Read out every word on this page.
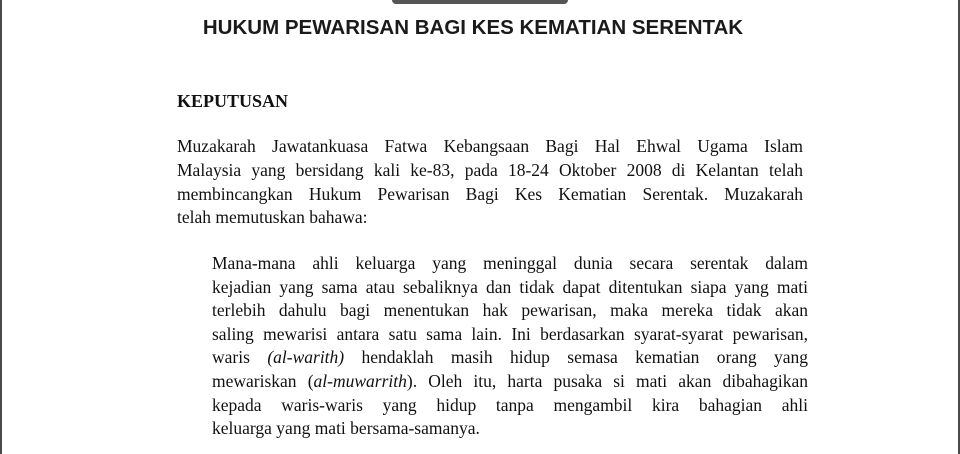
HUKUM PEWARISAN BAGI KES KEMATIAN SERENTAK
KEPUTUSAN

Muzakarah Jawatankuasa Fatwa Kebangsaan Bagi Hal Ehwal Ugama Islam
Malaysia yang bersidang kali ke-83, pada 18-24 Oktober 2008 di Kelantan telah
membincangkan Hukum Pewarisan Bagi Kes Kematian Serentak. Muzakarah
telah memutuskan bahawa:

Mana-mana ahli keluarga yang meninggal dunia secara serentak dalam
kejadian yang sama atau sebaliknya dan tidak dapat ditentukan siapa yang mati
terlebih dahulu bagi menentukan hak pewarisan, maka mereka tidak akan
saling mewarisi antara satu sama lain. Ini berdasarkan syarat-syarat pewarisan,
waris (al-warith) hendaklah masih hidup semasa kematian orang yang
mewariskan (al-muwarrith). Oleh itu, harta pusaka si mati akan dibahagikan
kepada waris-waris yang hidup tanpa mengambil kira bahagian ahli
keluarga yang mati bersama-samanya.
